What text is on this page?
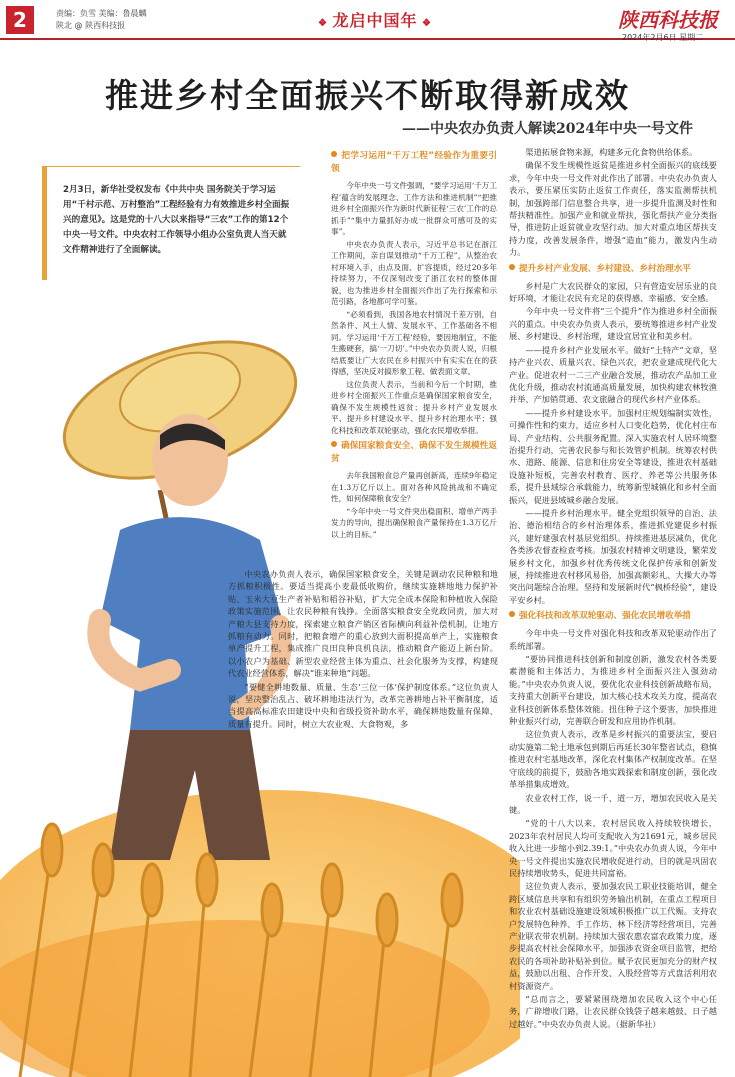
2	责编：负雪 美编：鲁晨麟
陕北 @ 陕西科技报	❖ 龙启中国年 ❖	陕西科技报
2024年2月6日 星期二
推进乡村全面振兴不断取得新成效
——中央农办负责人解读2024年中央一号文件
2月3日，新华社受权发布《中共中央 国务院关于学习运用“千村示范、万村整治”工程经验有力有效推进乡村全面振兴的意见》。这是党的十八大以来指导“三农”工作的第12个中央一号文件。中央农村工作领导小组办公室负责人当天就文件精神进行了全面解读。
把学习运用“千万工程”经验作为重要引领

今年中央一号文件强调，“要学习运用‘千万工程’蕴含的发展理念、工作方法和推进机制”“把推进乡村全面振兴作为新时代新征程‘三农’工作的总抓手”“集中力量抓好办成一批群众可感可及的实事”。

中央农办负责人表示，习近平总书记在浙江工作期间，亲自谋划推动“千万工程”，从整治农村环境入手，由点及面、扩容提质，经过20多年持续努力，不仅深刻改变了浙江农村的整体面貌，也为推进乡村全面振兴作出了先行探索和示范引路，各地都可学可鉴。

“必须看到，我国各地农村情况千差万别，自然条件、风土人情、发展水平、工作基础各不相同。学习运用‘千万工程’经验，要因地制宜，不能生搬硬套，搞‘一刀切’。”中央农办负责人说，归根结底要让广大农民在乡村振兴中有实实在在的获得感，坚决反对搞形象工程、做表面文章。

这位负责人表示，当前和今后一个时期，推进乡村全面振兴工作重点是确保国家粮食安全，确保不发生规模性返贫；提升乡村产业发展水平、提升乡村建设水平、提升乡村治理水平；强化科技和改革双轮驱动，强化农民增收举措。

确保国家粮食安全、确保不发生规模性返贫

去年我国粮食总产量再创新高，连续9年稳定在1.3万亿斤以上。面对各种风险挑战和不确定性，如何保障粮食安全？

“今年中央一号文件突出稳面积、增单产两手发力的导向，提出确保粮食产量保持在1.3万亿斤以上的目标。”

中央农办负责人表示，确保国家粮食安全，关键是调动农民种粮和地方抓粮积极性。要适当提高小麦最低收购价，继续实施耕地地力保护补贴、玉米大豆生产者补贴和稻谷补贴，扩大完全成本保险和种植收入保险政策实施范围，让农民种粮有钱挣。全面落实粮食安全党政同责，加大对产粮大县支持力度，探索建立粮食产销区省际横向利益补偿机制，让地方抓粮有动力。同时，把粮食增产的重心放到大面积提高单产上，实施粮食单产提升工程，集成推广良田良种良机良法，推动粮食产能迈上新台阶。以小农户为基础、新型农业经营主体为重点、社会化服务为支撑，构建现代农业经营体系，解决“谁来种地”问题。

“要健全耕地数量、质量、生态‘三位一体’保护制度体系。”这位负责人说，坚决整治乱占、破坏耕地违法行为，改革完善耕地占补平衡制度，适当提高高标准农田建设中央和省级投资补助水平，确保耕地数量有保障、质量有提升。同时，树立大农业观、大食物观，多

渠道拓展食物来源，构建多元化食物供给体系。

确保不发生规模性返贫是推进乡村全面振兴的底线要求，今年中央一号文件对此作出了部署。中央农办负责人表示，要压紧压实防止返贫工作责任，落实监测帮扶机制，加强跨部门信息整合共享，进一步提升监测及时性和帮扶精准性。加强产业和就业帮扶，强化帮扶产业分类指导，推进防止返贫就业攻坚行动。加大对重点地区帮扶支持力度，改善发展条件，增强“造血”能力，激发内生动力。

提升乡村产业发展、乡村建设、乡村治理水平

乡村是广大农民群众的家园，只有营造安居乐业的良好环境，才能让农民有充足的获得感、幸福感、安全感。

今年中央一号文件将“三个提升”作为推进乡村全面振兴的重点。中央农办负责人表示，要统筹推进乡村产业发展、乡村建设、乡村治理，建设宜居宜业和美乡村。

——提升乡村产业发展水平。做好“土特产”文章，坚持产业兴农、质量兴农、绿色兴农，把农业建成现代化大产业。促进农村一二三产业融合发展，推动农产品加工业优化升级，推动农村流通高质量发展，加快构建农林牧渔并举、产加销贯通、农文旅融合的现代乡村产业体系。

——提升乡村建设水平。加强村庄规划编制实效性，可操作性和约束力，适应乡村人口变化趋势，优化村庄布局、产业结构、公共服务配置。深入实施农村人居环境整治提升行动，完善农民参与和长效管护机制。统筹农村供水、道路、能源、信息和住房安全等建设，推进农村基础设施补短板，完善农村教育、医疗、养老等公共服务体系，提升县域综合承载能力，统筹新型城镇化和乡村全面振兴，促进县域城乡融合发展。

——提升乡村治理水平。健全党组织领导的自治、法治、德治相结合的乡村治理体系，推进抓党建促乡村振兴，建好建强农村基层党组织。持续推进基层减负，优化各类涉农督查检查考核。加强农村精神文明建设，繁荣发展乡村文化，加强乡村优秀传统文化保护传承和创新发展，持续推进农村移风易俗，加强高额彩礼、大操大办等突出问题综合治理。坚持和发展新时代“枫桥经验”，建设平安乡村。

强化科技和改革双轮驱动、强化农民增收举措

今年中央一号文件对强化科技和改革双轮驱动作出了系统部署。

“要协同推进科技创新和制度创新，激发农村各类要素潜能和主体活力，为推进乡村全面振兴注入强劲动能。”中央农办负责人说，要优化农业科技创新战略布局，支持重大创新平台建设，加大核心技术攻关力度，提高农业科技创新体系整体效能。扭住种子这个要害，加快推进种业振兴行动，完善联合研发和应用协作机制。

这位负责人表示，改革是乡村振兴的重要法宝，要启动实施第二轮土地承包到期后再延长30年整省试点，稳慎推进农村宅基地改革，深化农村集体产权制度改革。在坚守底线的前提下，鼓励各地实践探索和制度创新，强化改革举措集成增效。

农业农村工作，说一千、道一万，增加农民收入是关键。

“党的十八大以来，农村居民收入持续较快增长，2023年农村居民人均可支配收入为21691元，城乡居民收入比进一步缩小到2.39:1。”中央农办负责人说，今年中央一号文件提出实施农民增收促进行动，目的就是巩固农民持续增收势头，促进共同富裕。

这位负责人表示，要加强农民工职业技能培训，健全跨区域信息共享和有组织劳务输出机制，在重点工程项目和农业农村基础设施建设领域积极推广以工代赈。支持农户发展特色种养、手工作坊、林下经济等经营项目，完善产业联农带农机制。持续加大强农惠农富农政策力度，逐步提高农村社会保障水平，加强涉农资金项目监管，把给农民的各项补助补贴补到位。赋予农民更加充分的财产权益，鼓励以出租、合作开发、入股经营等方式盘活利用农村资源资产。

“总而言之，要紧紧围绕增加农民收入这个中心任务，广辟增收门路，让农民群众钱袋子越来越鼓、日子越过越好。”中央农办负责人说。（据新华社）
